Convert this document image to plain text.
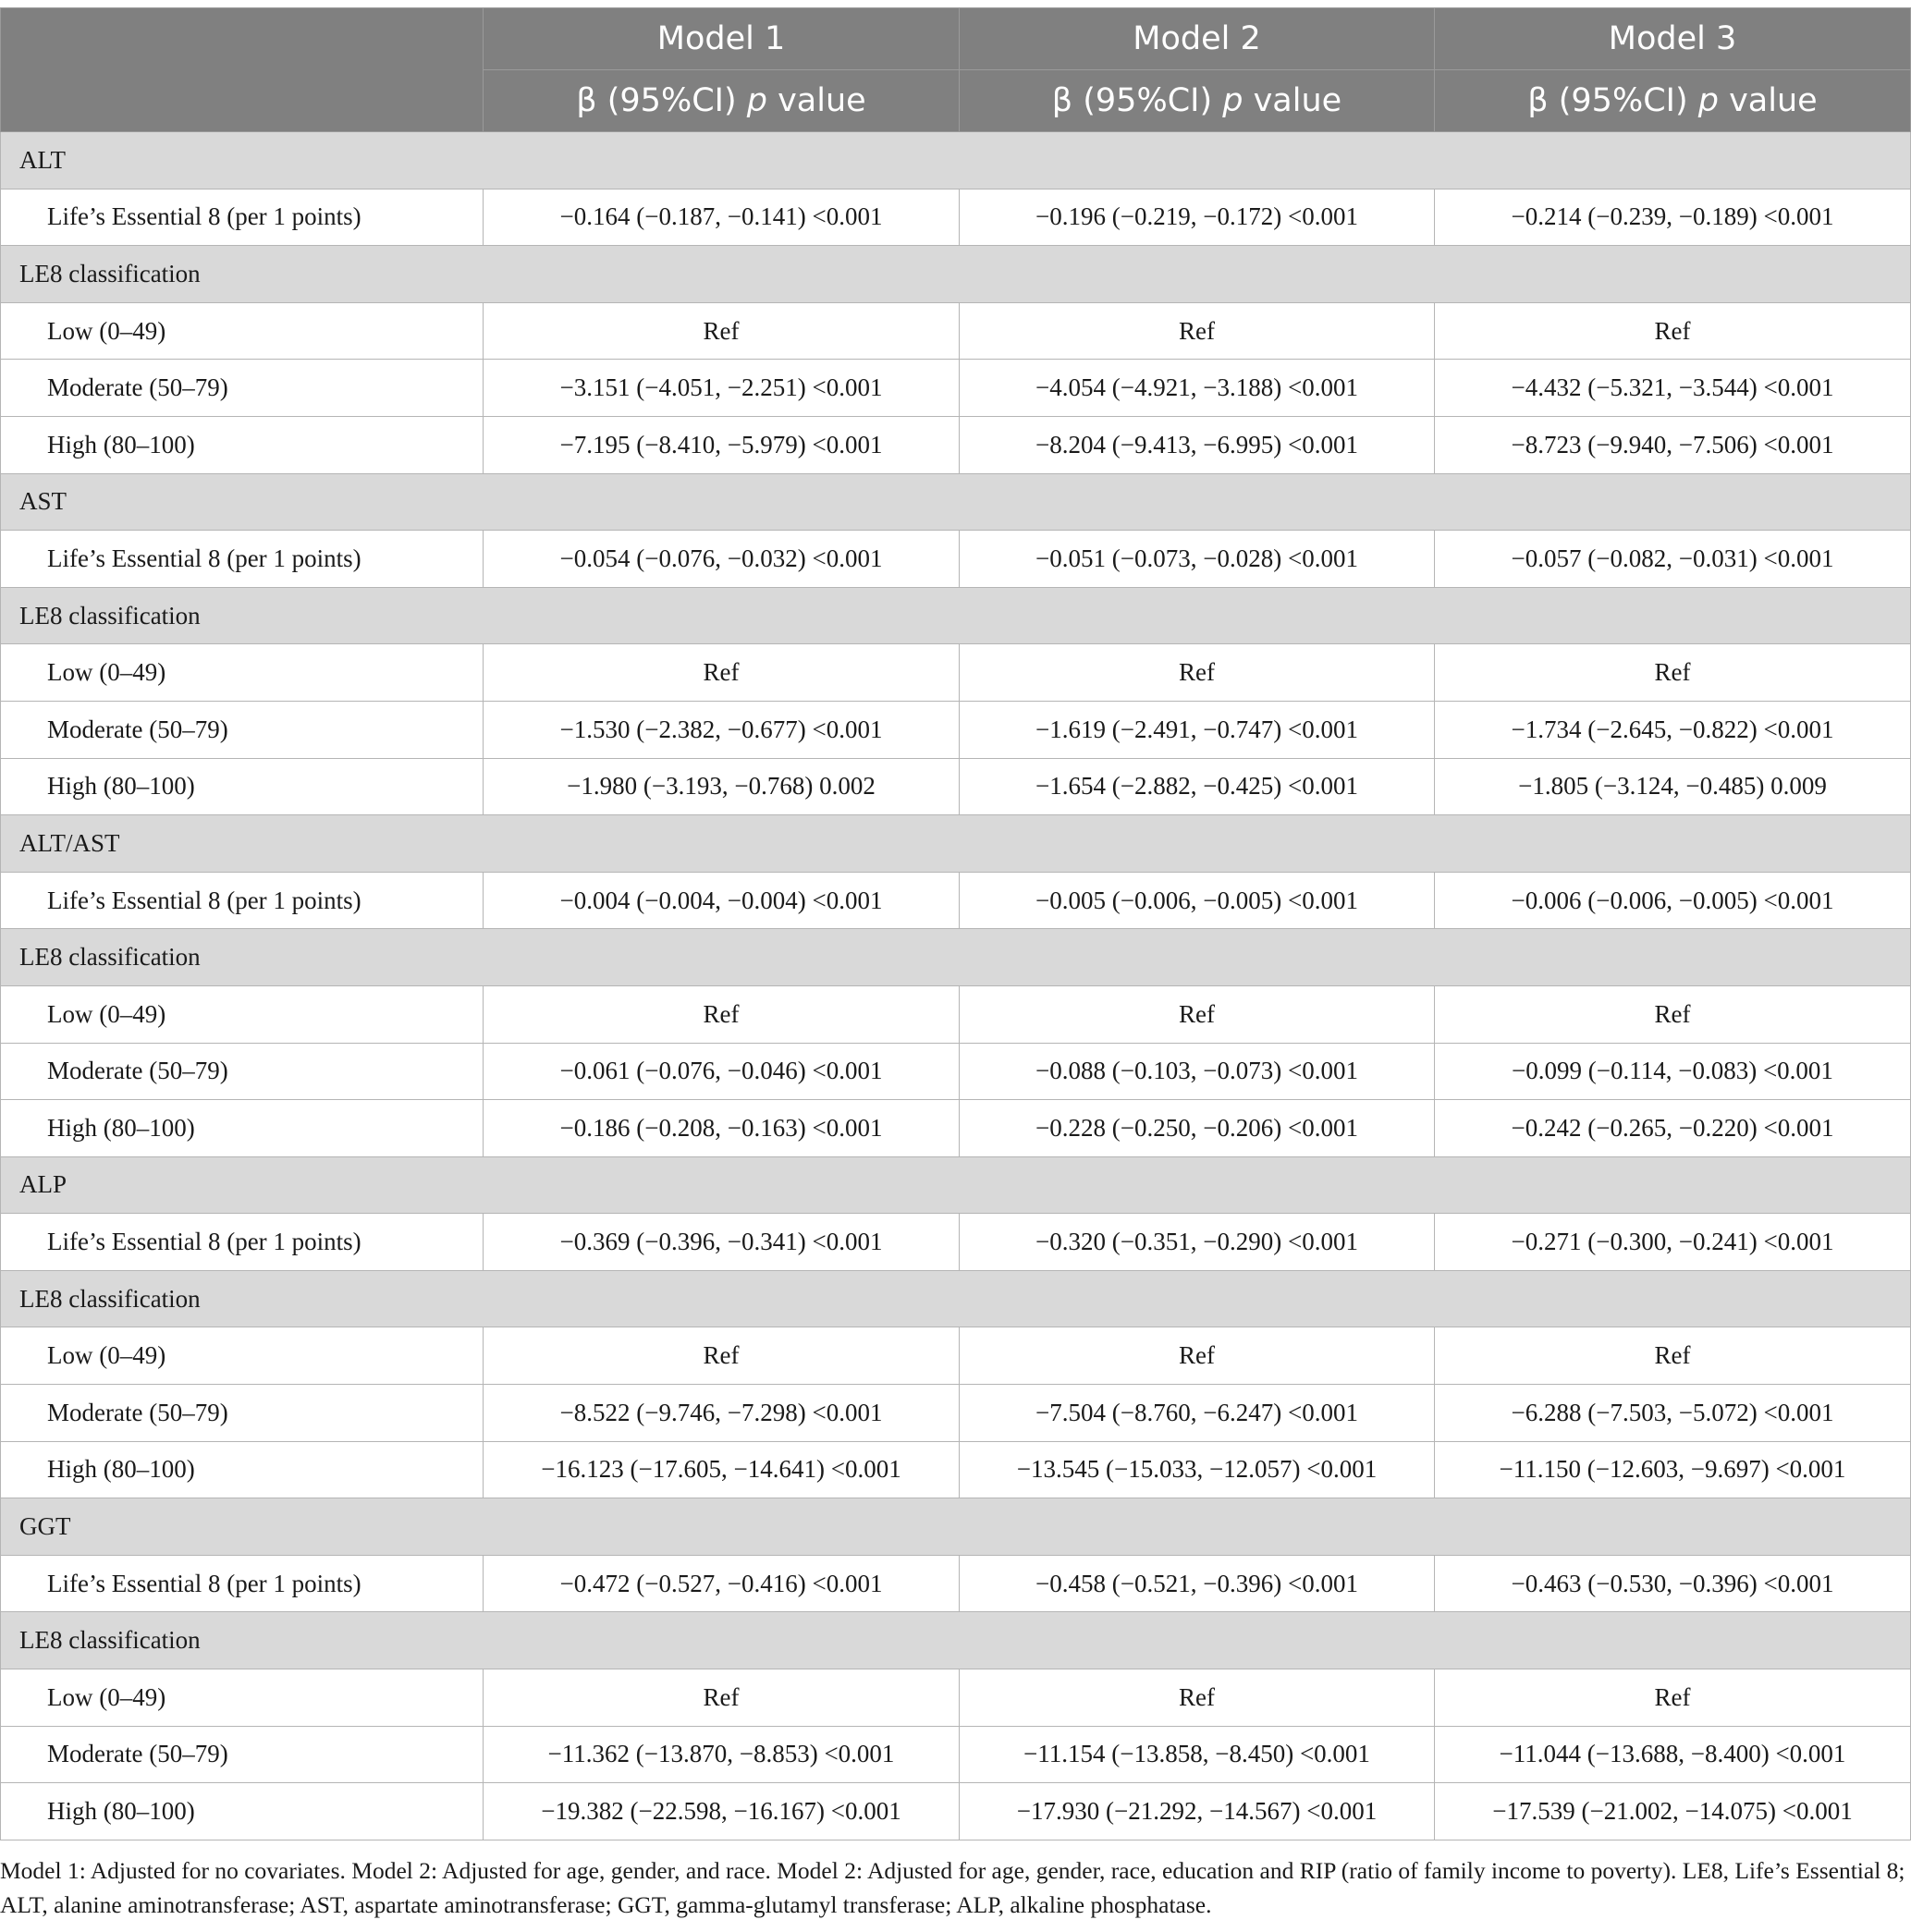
	Model 1	Model 2	Model 3
	β (95%CI) p value	β (95%CI) p value	β (95%CI) p value
ALT			
Life’s Essential 8 (per 1 points)	−0.164 (−0.187, −0.141) <0.001	−0.196 (−0.219, −0.172) <0.001	−0.214 (−0.239, −0.189) <0.001
LE8 classification			
Low (0–49)	Ref	Ref	Ref
Moderate (50–79)	−3.151 (−4.051, −2.251) <0.001	−4.054 (−4.921, −3.188) <0.001	−4.432 (−5.321, −3.544) <0.001
High (80–100)	−7.195 (−8.410, −5.979) <0.001	−8.204 (−9.413, −6.995) <0.001	−8.723 (−9.940, −7.506) <0.001
AST			
Life’s Essential 8 (per 1 points)	−0.054 (−0.076, −0.032) <0.001	−0.051 (−0.073, −0.028) <0.001	−0.057 (−0.082, −0.031) <0.001
LE8 classification			
Low (0–49)	Ref	Ref	Ref
Moderate (50–79)	−1.530 (−2.382, −0.677) <0.001	−1.619 (−2.491, −0.747) <0.001	−1.734 (−2.645, −0.822) <0.001
High (80–100)	−1.980 (−3.193, −0.768) 0.002	−1.654 (−2.882, −0.425) <0.001	−1.805 (−3.124, −0.485) 0.009
ALT/AST			
Life’s Essential 8 (per 1 points)	−0.004 (−0.004, −0.004) <0.001	−0.005 (−0.006, −0.005) <0.001	−0.006 (−0.006, −0.005) <0.001
LE8 classification			
Low (0–49)	Ref	Ref	Ref
Moderate (50–79)	−0.061 (−0.076, −0.046) <0.001	−0.088 (−0.103, −0.073) <0.001	−0.099 (−0.114, −0.083) <0.001
High (80–100)	−0.186 (−0.208, −0.163) <0.001	−0.228 (−0.250, −0.206) <0.001	−0.242 (−0.265, −0.220) <0.001
ALP			
Life’s Essential 8 (per 1 points)	−0.369 (−0.396, −0.341) <0.001	−0.320 (−0.351, −0.290) <0.001	−0.271 (−0.300, −0.241) <0.001
LE8 classification			
Low (0–49)	Ref	Ref	Ref
Moderate (50–79)	−8.522 (−9.746, −7.298) <0.001	−7.504 (−8.760, −6.247) <0.001	−6.288 (−7.503, −5.072) <0.001
High (80–100)	−16.123 (−17.605, −14.641) <0.001	−13.545 (−15.033, −12.057) <0.001	−11.150 (−12.603, −9.697) <0.001
GGT			
Life’s Essential 8 (per 1 points)	−0.472 (−0.527, −0.416) <0.001	−0.458 (−0.521, −0.396) <0.001	−0.463 (−0.530, −0.396) <0.001
LE8 classification			
Low (0–49)	Ref	Ref	Ref
Moderate (50–79)	−11.362 (−13.870, −8.853) <0.001	−11.154 (−13.858, −8.450) <0.001	−11.044 (−13.688, −8.400) <0.001
High (80–100)	−19.382 (−22.598, −16.167) <0.001	−17.930 (−21.292, −14.567) <0.001	−17.539 (−21.002, −14.075) <0.001
Model 1: Adjusted for no covariates. Model 2: Adjusted for age, gender, and race. Model 2: Adjusted for age, gender, race, education and RIP (ratio of family income to poverty). LE8, Life’s Essential 8; ALT, alanine aminotransferase; AST, aspartate aminotransferase; GGT, gamma-glutamyl transferase; ALP, alkaline phosphatase.
